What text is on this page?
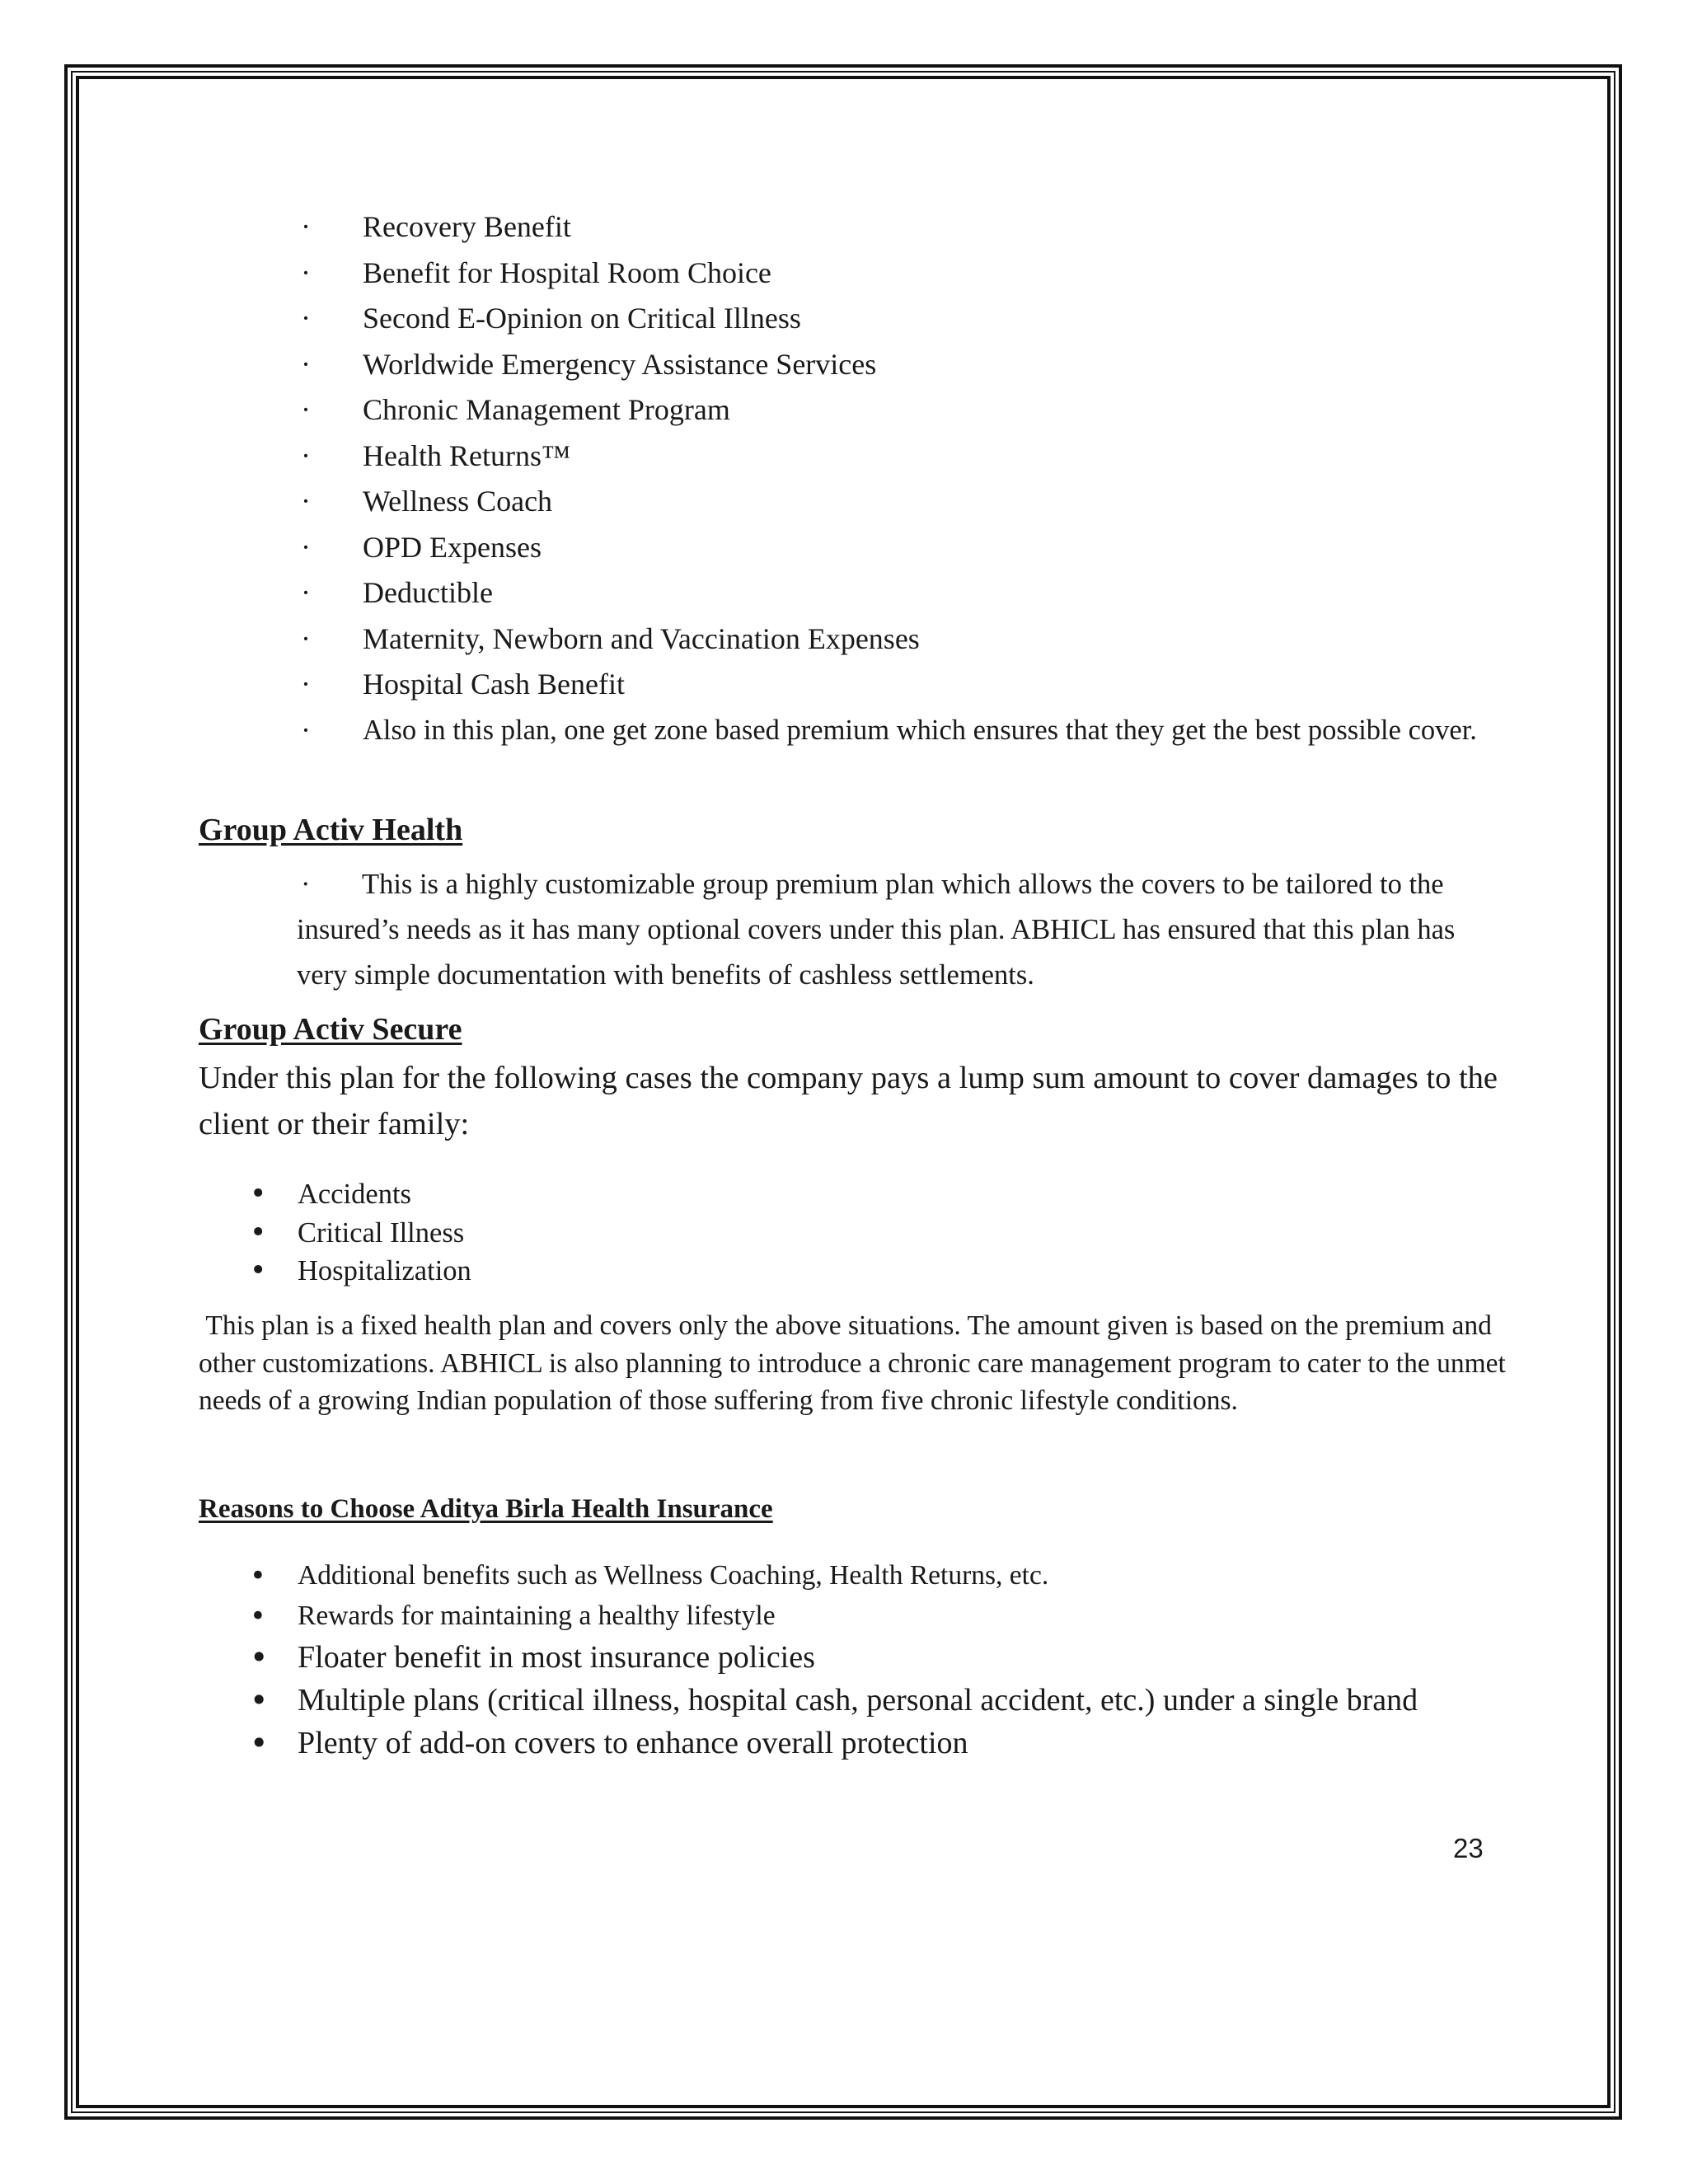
· Recovery Benefit
· Benefit for Hospital Room Choice
· Second E-Opinion on Critical Illness
· Worldwide Emergency Assistance Services
· Chronic Management Program
· Health Returns™
· Wellness Coach
· OPD Expenses
· Deductible
· Maternity, Newborn and Vaccination Expenses
· Hospital Cash Benefit
·	Also in this plan, one get zone based premium which ensures that they get the best possible cover.
Group Activ Health
·	This is a highly customizable group premium plan which allows the covers to be tailored to the insured’s needs as it has many optional covers under this plan. ABHICL has ensured that this plan has very simple documentation with benefits of cashless settlements.
Group Activ Secure
Under this plan for the following cases the company pays a lump sum amount to cover damages to the client or their family:
• Accidents
• Critical Illness
• Hospitalization
This plan is a fixed health plan and covers only the above situations. The amount given is based on the premium and other customizations. ABHICL is also planning to introduce a chronic care management program to cater to the unmet needs of a growing Indian population of those suffering from five chronic lifestyle conditions.
Reasons to Choose Aditya Birla Health Insurance
• Additional benefits such as Wellness Coaching, Health Returns, etc.
• Rewards for maintaining a healthy lifestyle
• Floater benefit in most insurance policies
• Multiple plans (critical illness, hospital cash, personal accident, etc.) under a single brand
• Plenty of add-on covers to enhance overall protection
23
